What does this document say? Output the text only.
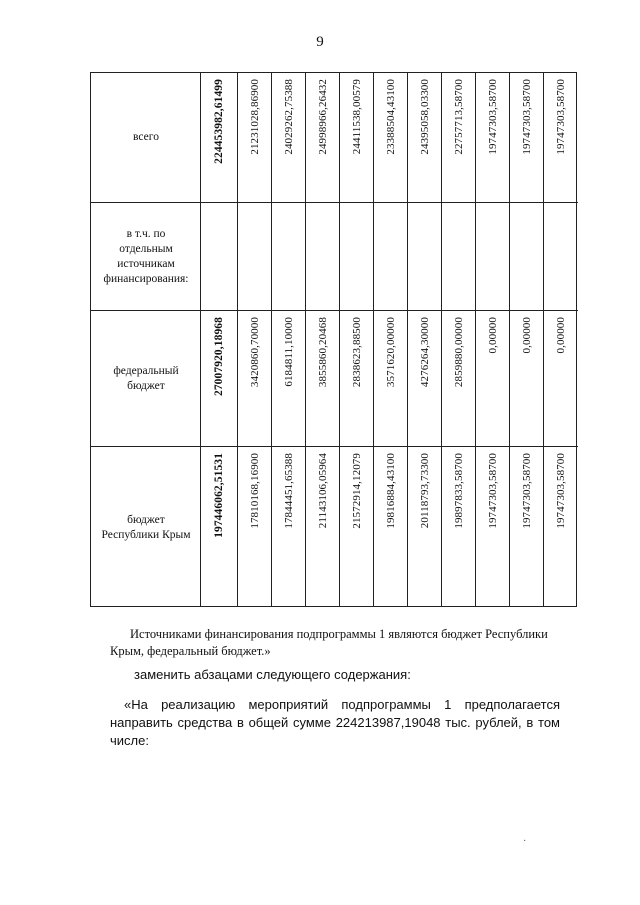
9
всего
в т.ч. по отдельным источникам финансирования:
федеральный бюджет
бюджет Республики Крым
224453982,61499
27007920,18968
197446062,51531
21231028,86900
3420860,70000
17810168,16900
24029262,75388
6184811,10000
17844451,65388
24998966,26432
3855860,20468
21143106,05964
24411538,00579
2838623,88500
21572914,12079
23388504,43100
3571620,00000
19816884,43100
24395058,03300
4276264,30000
20118793,73300
22757713,58700
2859880,00000
19897833,58700
19747303,58700
0,00000
19747303,58700
19747303,58700
0,00000
19747303,58700
19747303,58700
0,00000
19747303,58700
Источниками финансирования подпрограммы 1 являются бюджет Республики Крым, федеральный бюджет.»
заменить абзацами следующего содержания:
«На реализацию мероприятий подпрограммы 1 предполагается направить средства в общей сумме 224213987,19048 тыс. рублей, в том числе:
·
